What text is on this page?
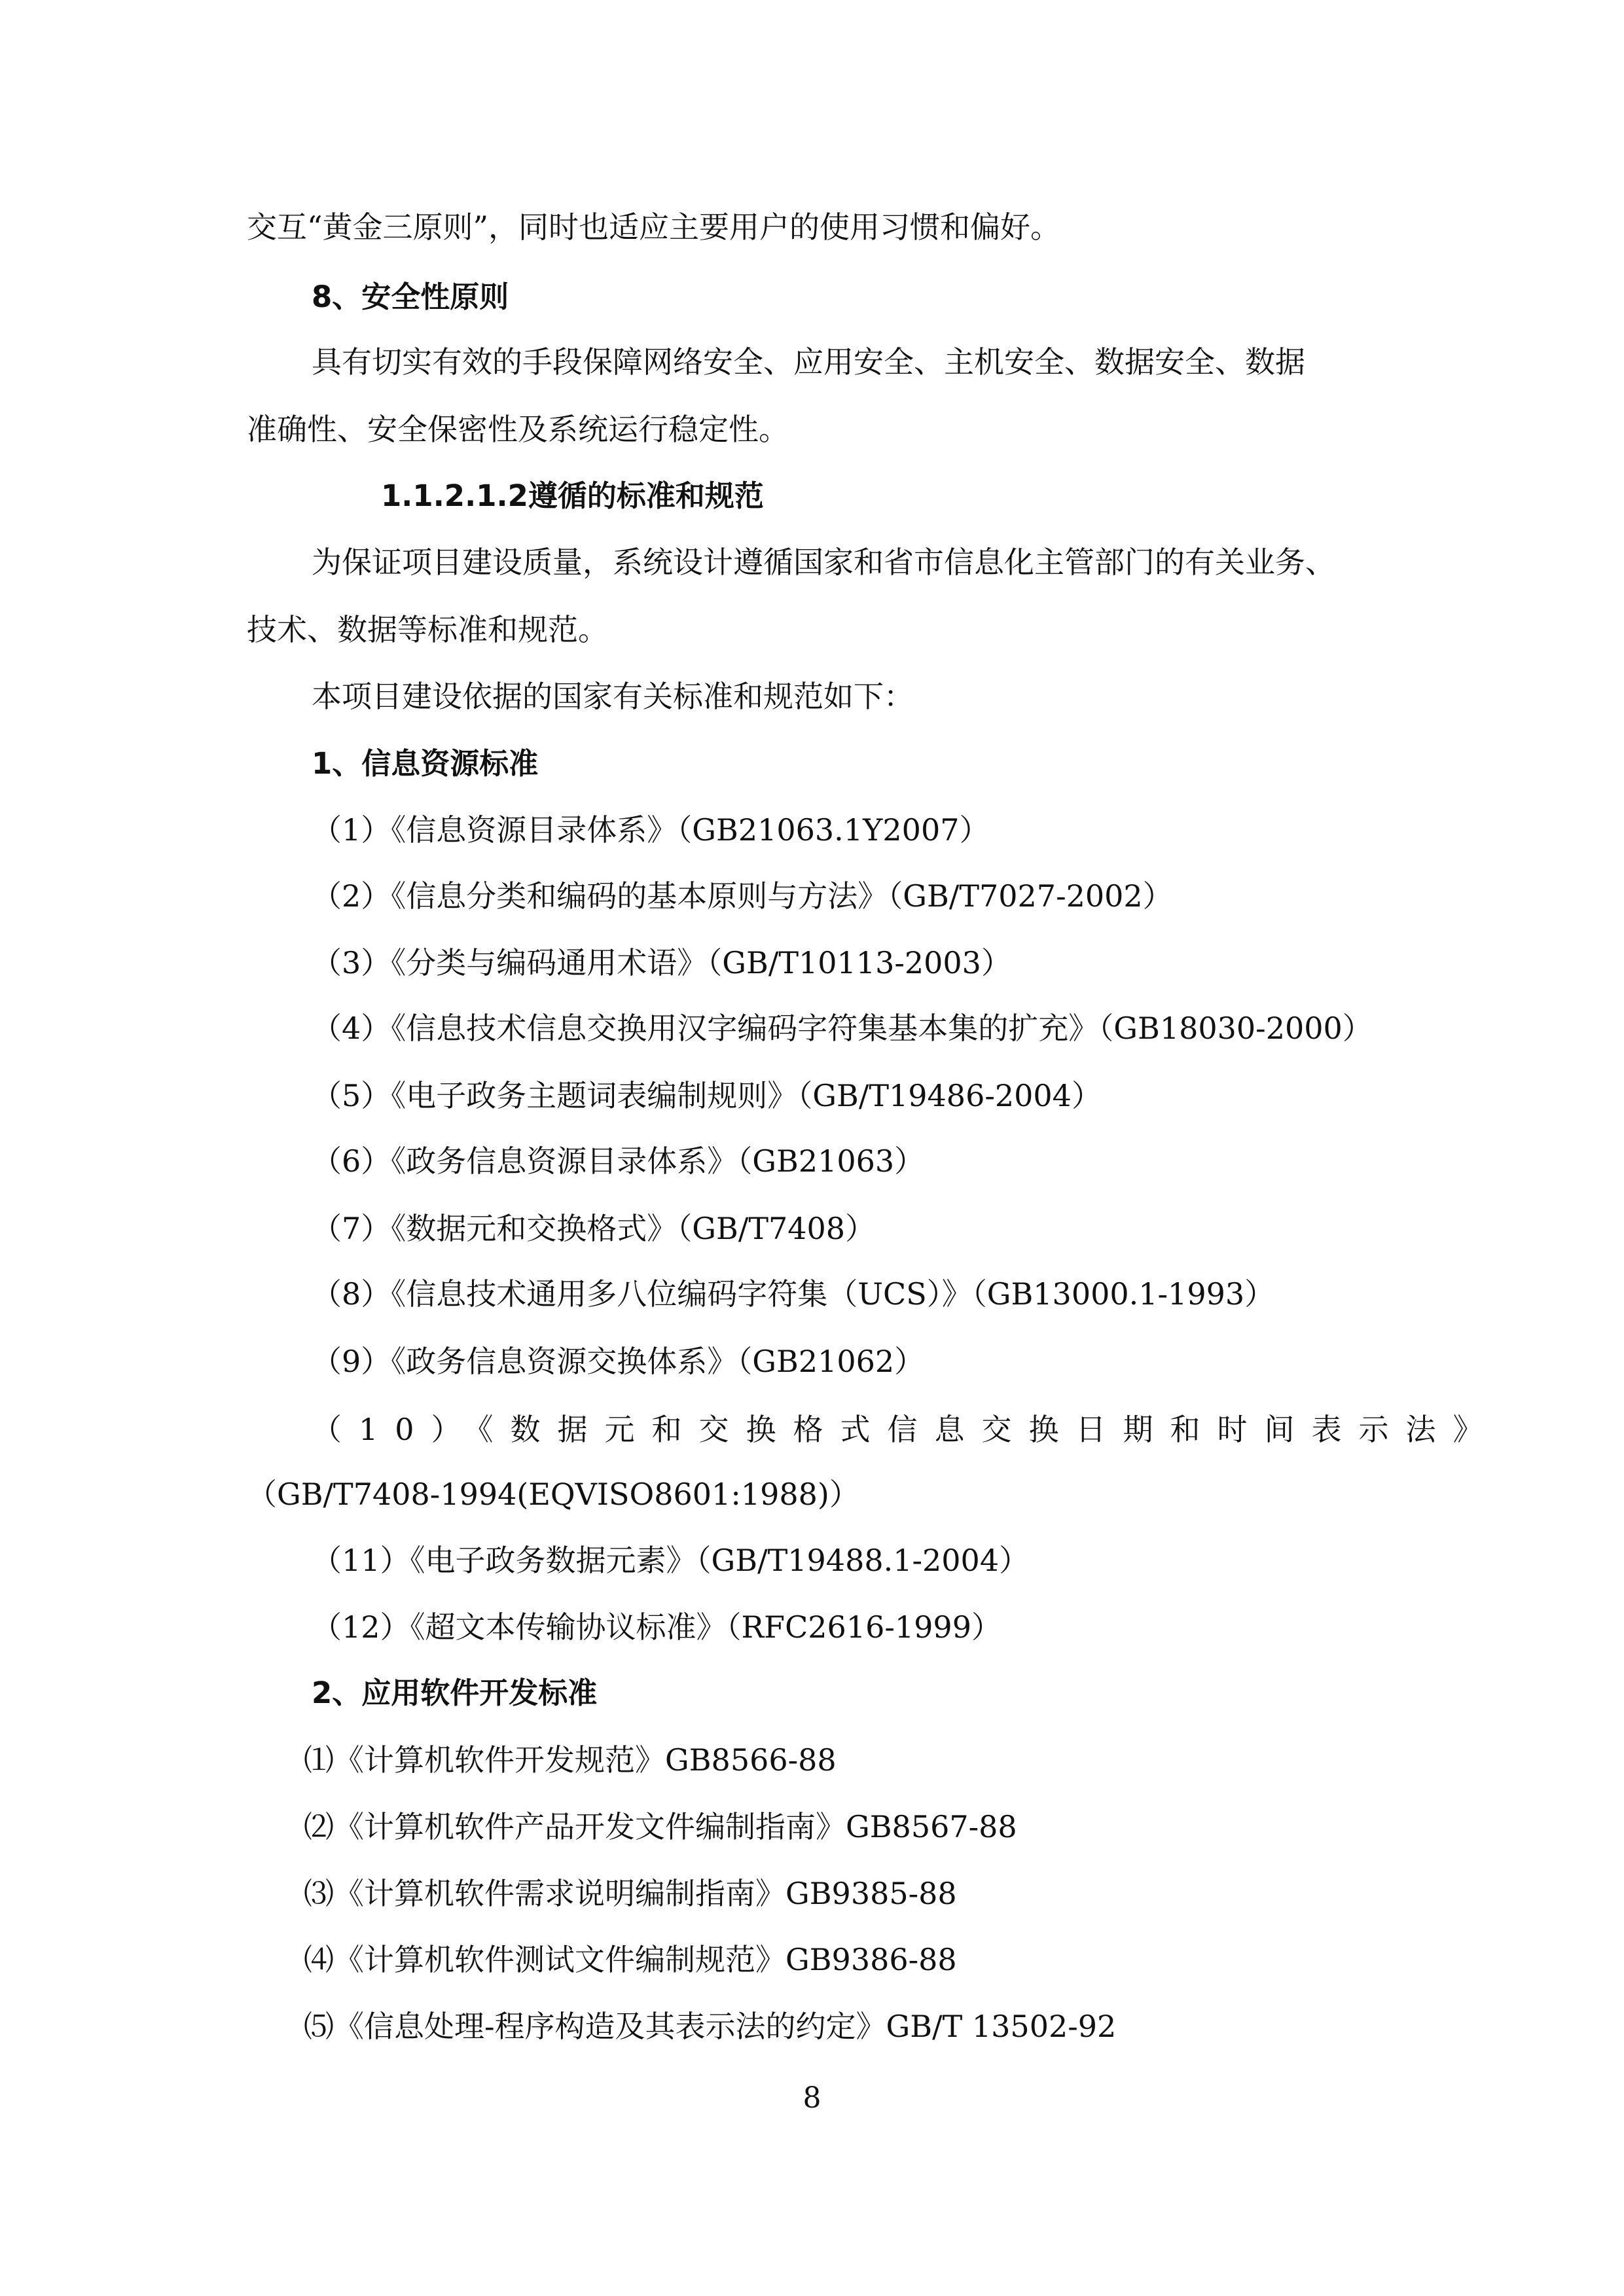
交互“黄金三原则”，同时也适应主要用户的使用习惯和偏好。
8、安全性原则
具有切实有效的手段保障网络安全、应用安全、主机安全、数据安全、数据
准确性、安全保密性及系统运行稳定性。
1.1.2.1.2遵循的标准和规范
为保证项目建设质量，系统设计遵循国家和省市信息化主管部门的有关业务、
技术、数据等标准和规范。
本项目建设依据的国家有关标准和规范如下：
1、信息资源标准
（1）《信息资源目录体系》（GB21063.1Y2007）
（2）《信息分类和编码的基本原则与方法》（GB/T7027-2002）
（3）《分类与编码通用术语》（GB/T10113-2003）
（4）《信息技术信息交换用汉字编码字符集基本集的扩充》（GB18030-2000）
（5）《电子政务主题词表编制规则》（GB/T19486-2004）
（6）《政务信息资源目录体系》（GB21063）
（7）《数据元和交换格式》（GB/T7408）
（8）《信息技术通用多八位编码字符集（UCS）》（GB13000.1-1993）
（9）《政务信息资源交换体系》（GB21062）
（10）《数据元和交换格式信息交换日期和时间表示法》
（GB/T7408-1994(EQVISO8601:1988)）
（11）《电子政务数据元素》（GB/T19488.1-2004）
（12）《超文本传输协议标准》（RFC2616-1999）
2、应用软件开发标准
⑴《计算机软件开发规范》GB8566-88
⑵《计算机软件产品开发文件编制指南》GB8567-88
⑶《计算机软件需求说明编制指南》GB9385-88
⑷《计算机软件测试文件编制规范》GB9386-88
⑸《信息处理-程序构造及其表示法的约定》GB/T 13502-92
8
